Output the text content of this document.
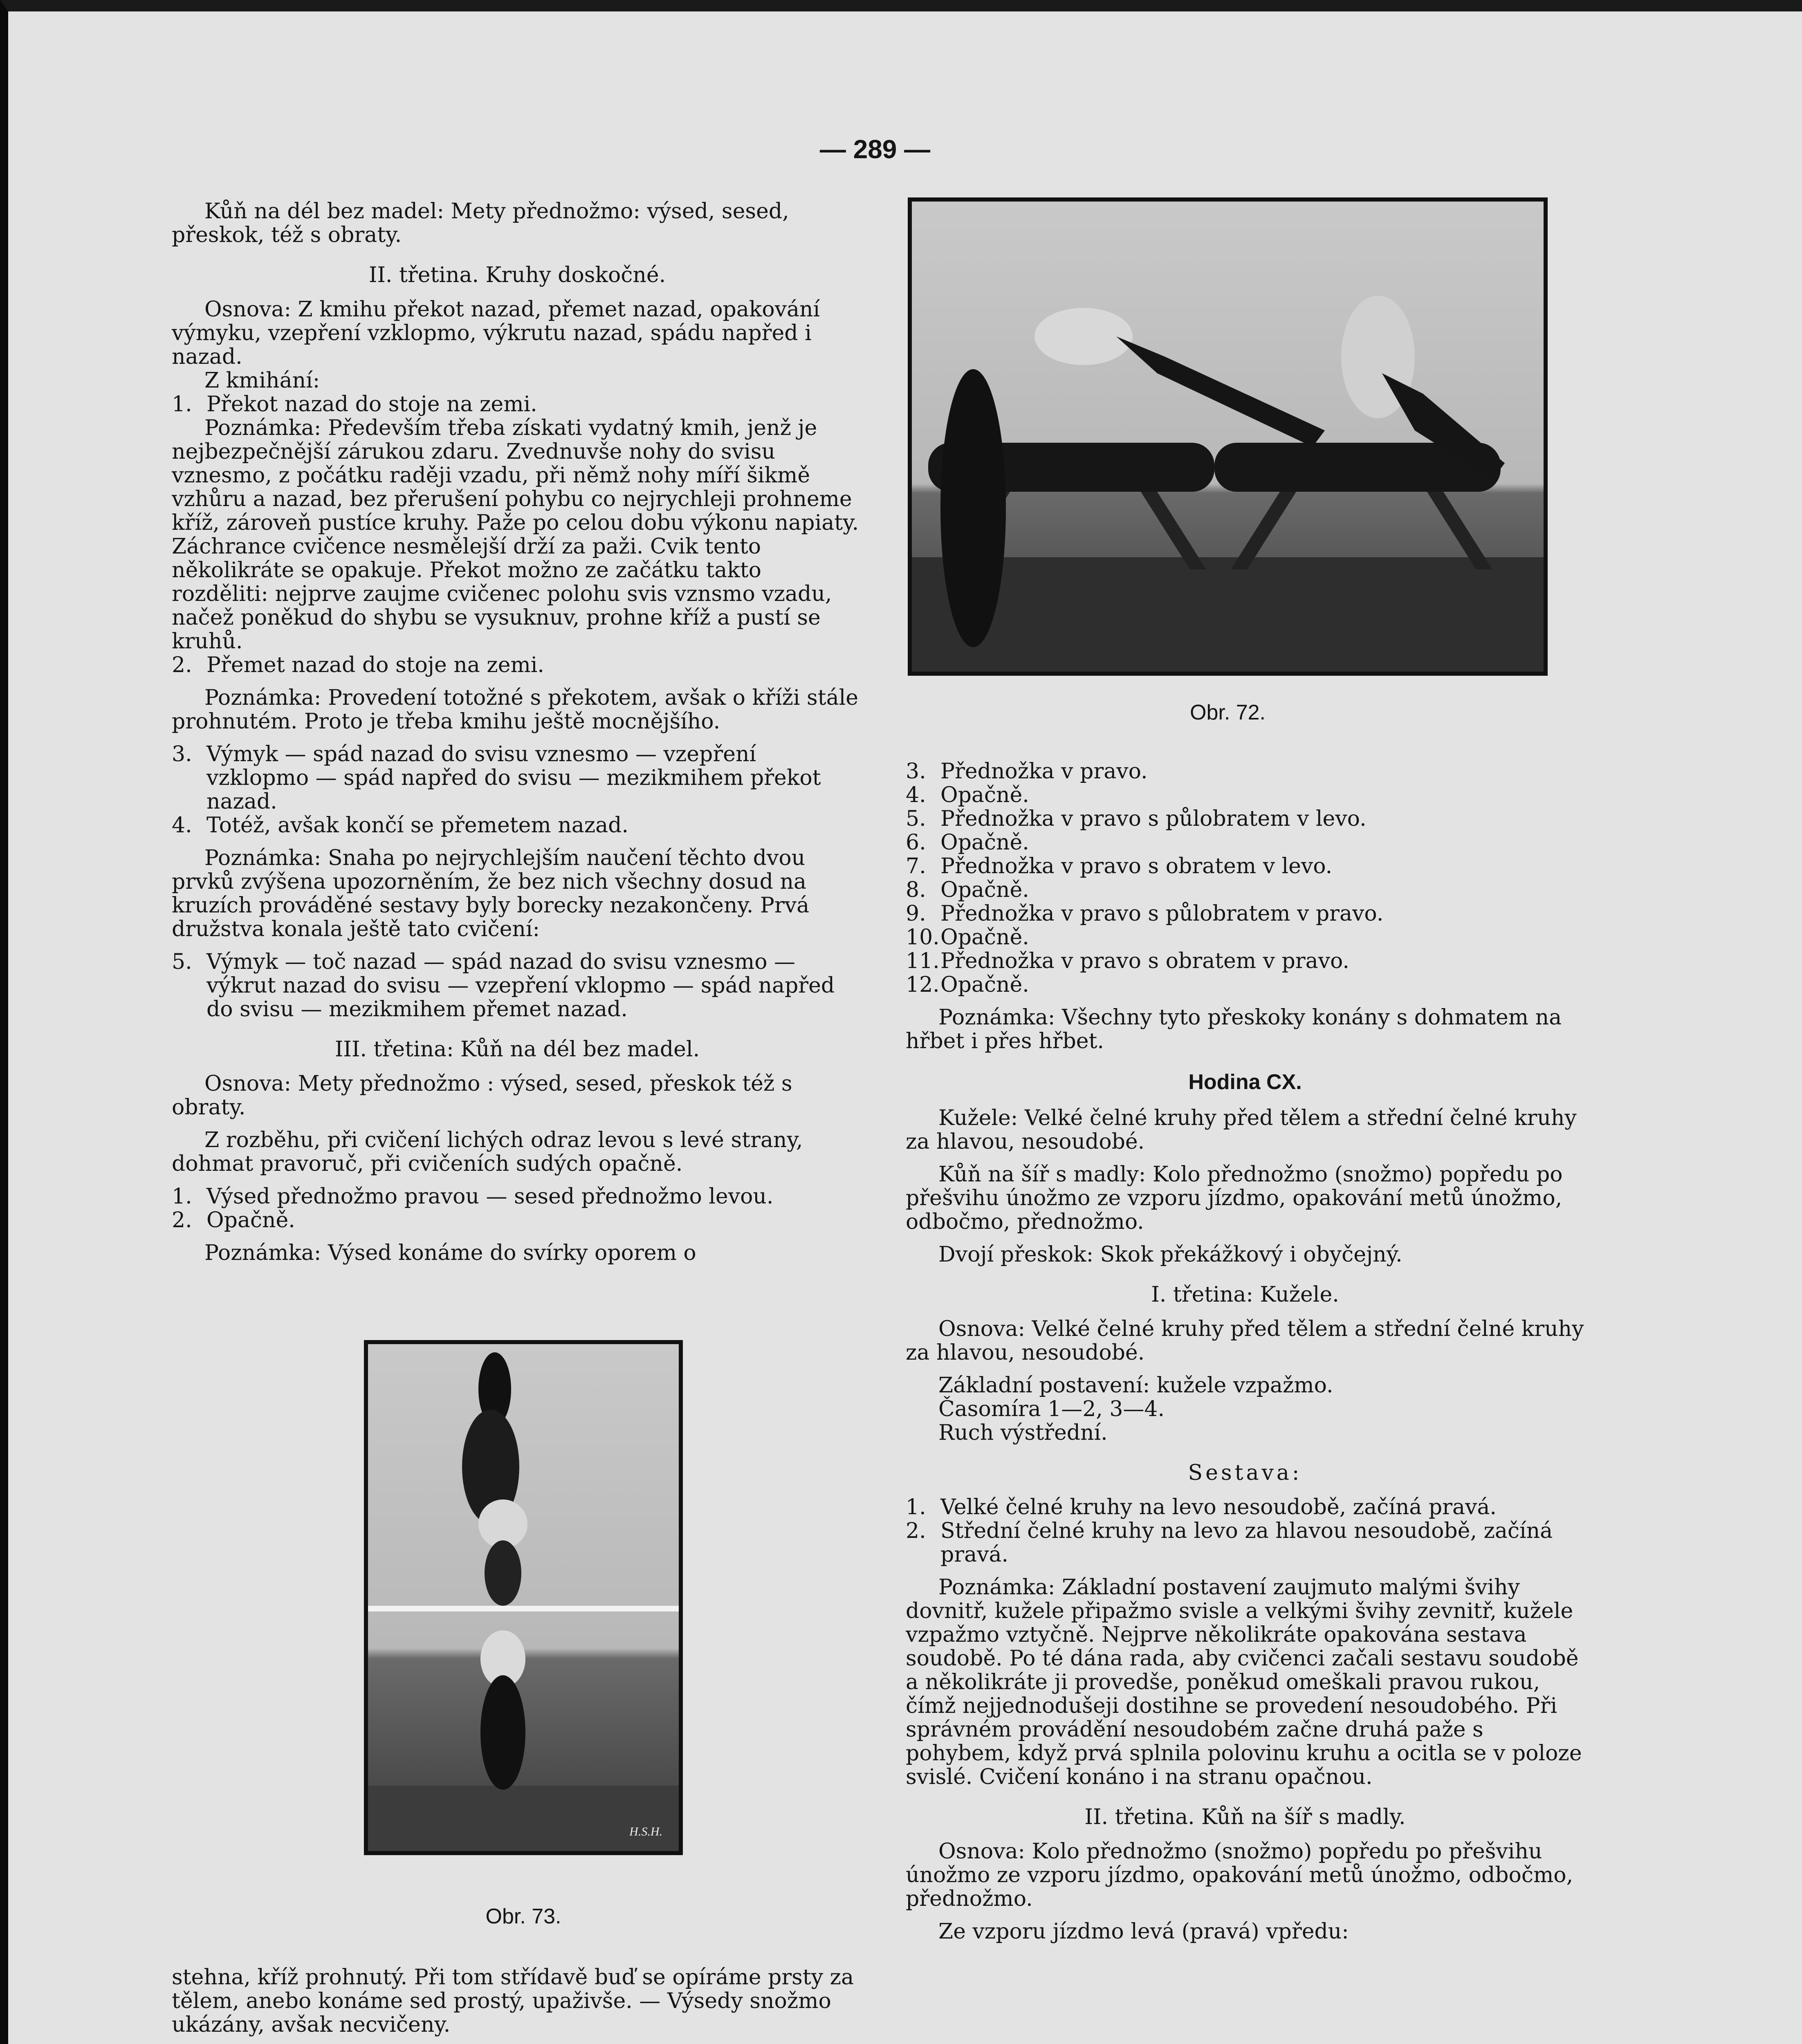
— 289 —

Kůň na dél bez madel: Mety přednožmo: výsed, sesed, přeskok, též s obraty.

II. třetina. Kruhy doskočné.

Osnova: Z kmihu překot nazad, přemet nazad, opakování výmyku, vzepření vzklopmo, výkrutu nazad, spádu napřed i nazad.

Z kmihání:

1. Překot nazad do stoje na zemi.

Poznámka: Především třeba získati vydatný kmih, jenž je nejbezpečnější zárukou zdaru. Zvednuvše nohy do svisu vznesmo, z počátku raději vzadu, při němž nohy míří šikmě vzhůru a nazad, bez přerušení pohybu co nejrychleji prohneme kříž, zároveň pustíce kruhy. Paže po celou dobu výkonu napiaty. Záchrance cvičence nesmělejší drží za paži. Cvik tento několikráte se opakuje. Překot možno ze začátku takto rozděliti: nejprve zaujme cvičenec polohu svis vznsmo vzadu, načež poněkud do shybu se vysuknuv, prohne kříž a pustí se kruhů.

2. Přemet nazad do stoje na zemi.

Poznámka: Provedení totožné s překotem, avšak o kříži stále prohnutém. Proto je třeba kmihu ještě mocnějšího.

3. Výmyk — spád nazad do svisu vznesmo — vzepření vzklopmo — spád napřed do svisu — mezikmihem překot nazad.
4. Totéž, avšak končí se přemetem nazad.

Poznámka: Snaha po nejrychlejším naučení těchto dvou prvků zvýšena upozorněním, že bez nich všechny dosud na kruzích prováděné sestavy byly borecky nezakončeny. Prvá družstva konala ještě tato cvičení:

5. Výmyk — toč nazad — spád nazad do svisu vznesmo — výkrut nazad do svisu — vzepření vklopmo — spád napřed do svisu — mezikmihem přemet nazad.

III. třetina: Kůň na dél bez madel.

Osnova: Mety přednožmo : výsed, sesed, přeskok též s obraty.

Z rozběhu, při cvičení lichých odraz levou s levé strany, dohmat pravoruč, při cvičeních sudých opačně.

1. Výsed přednožmo pravou — sesed přednožmo levou.
2. Opačně.

Poznámka: Výsed konáme do svírky oporem o

H.S.H.
Obr. 73.

stehna, kříž prohnutý. Při tom střídavě buď se opíráme prsty za tělem, anebo konáme sed prostý, upaživše. — Výsedy snožmo ukázány, avšak necvičeny.

Obr. 72.
3. Přednožka v pravo.
4. Opačně.
5. Přednožka v pravo s půlobratem v levo.
6. Opačně.
7. Přednožka v pravo s obratem v levo.
8. Opačně.
9. Přednožka v pravo s půlobratem v pravo.
10. Opačně.
11. Přednožka v pravo s obratem v pravo.
12. Opačně.

Poznámka: Všechny tyto přeskoky konány s dohmatem na hřbet i přes hřbet.

Hodina CX.

Kužele: Velké čelné kruhy před tělem a střední čelné kruhy za hlavou, nesoudobé.

Kůň na šíř s madly: Kolo přednožmo (snožmo) popředu po přešvihu únožmo ze vzporu jízdmo, opakování metů únožmo, odbočmo, přednožmo.

Dvojí přeskok: Skok překážkový i obyčejný.

I. třetina: Kužele.

Osnova: Velké čelné kruhy před tělem a střední čelné kruhy za hlavou, nesoudobé.

Základní postavení: kužele vzpažmo.

Časomíra 1—2, 3—4.

Ruch výstřední.

Sestava:

1. Velké čelné kruhy na levo nesoudobě, začíná pravá.
2. Střední čelné kruhy na levo za hlavou nesoudobě, začíná pravá.

Poznámka: Základní postavení zaujmuto malými švihy dovnitř, kužele připažmo svisle a velkými švihy zevnitř, kužele vzpažmo vztyčně. Nejprve několikráte opakována sestava soudobě. Po té dána rada, aby cvičenci začali sestavu soudobě a několikráte ji provedše, poněkud omeškali pravou rukou, čímž nejjednodušeji dostihne se provedení nesoudobého. Při správném provádění nesoudobém začne druhá paže s pohybem, když prvá splnila polovinu kruhu a ocitla se v poloze svislé. Cvičení konáno i na stranu opačnou.

II. třetina. Kůň na šíř s madly.

Osnova: Kolo přednožmo (snožmo) popředu po přešvihu únožmo ze vzporu jízdmo, opakování metů únožmo, odbočmo, přednožmo.

Ze vzporu jízdmo levá (pravá) vpředu:
